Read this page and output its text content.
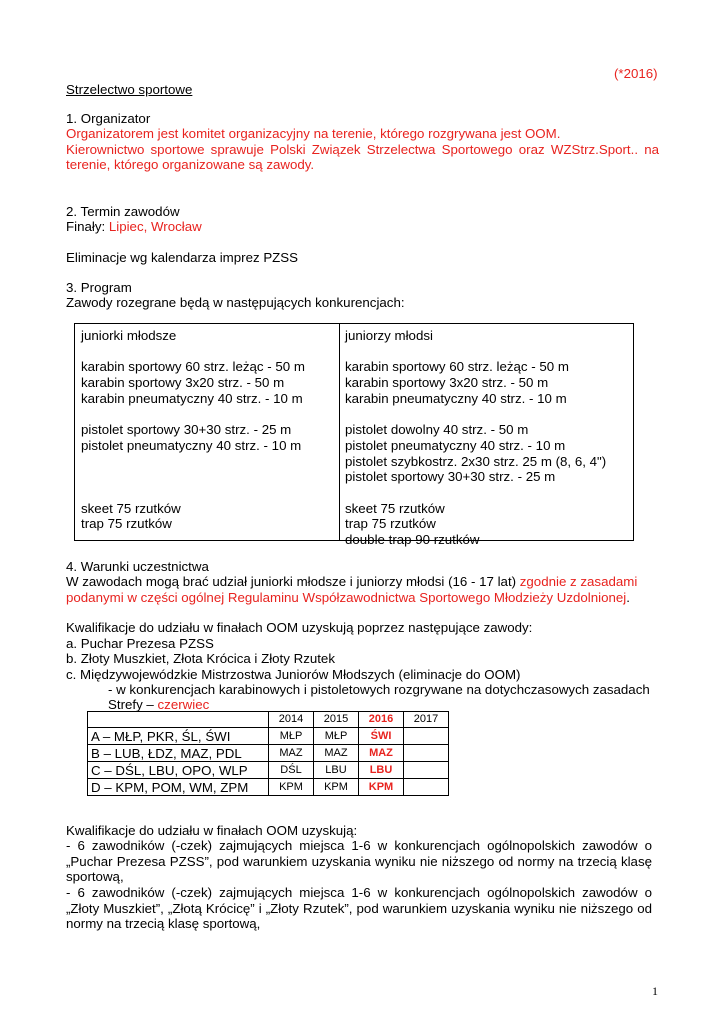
(*2016)
Strzelectwo sportowe
1. Organizator
Organizatorem jest komitet organizacyjny na terenie, którego rozgrywana jest OOM.
Kierownictwo sportowe sprawuje Polski Związek Strzelectwa Sportowego oraz WZStrz.Sport.. na
terenie, którego organizowane są zawody.
2. Termin zawodów
Finały: Lipiec, Wrocław
Eliminacje wg kalendarza imprez PZSS
3. Program
Zawody rozegrane będą w następujących konkurencjach:
juniorki młodsze
karabin sportowy 60 strz. leżąc - 50 m
karabin sportowy 3x20 strz. - 50 m
karabin pneumatyczny 40 strz. - 10 m
pistolet sportowy 30+30 strz. - 25 m
pistolet pneumatyczny 40 strz. - 10 m
skeet 75 rzutków
trap 75 rzutków
juniorzy młodsi
karabin sportowy 60 strz. leżąc - 50 m
karabin sportowy 3x20 strz. - 50 m
karabin pneumatyczny 40 strz. - 10 m
pistolet dowolny 40 strz. - 50 m
pistolet pneumatyczny 40 strz. - 10 m
pistolet szybkostrz. 2x30 strz. 25 m (8, 6, 4")
pistolet sportowy 30+30 strz. - 25 m
skeet 75 rzutków
trap 75 rzutków
double trap 90 rzutków
4. Warunki uczestnictwa
W zawodach mogą brać udział juniorki młodsze i juniorzy młodsi (16 - 17 lat) zgodnie z zasadami
podanymi w części ogólnej Regulaminu Współzawodnictwa Sportowego Młodzieży Uzdolnionej.
Kwalifikacje do udziału w finałach OOM uzyskują poprzez następujące zawody:
a. Puchar Prezesa PZSS
b. Złoty Muszkiet, Złota Krócica i Złoty Rzutek
c. Międzywojewódzkie Mistrzostwa Juniorów Młodszych (eliminacje do OOM)
- w konkurencjach karabinowych i pistoletowych rozgrywane na dotychczasowych zasadach
Strefy – czerwiec
	2014	2015	2016	2017
A – MŁP, PKR, ŚL, ŚWI	MŁP	MŁP	ŚWI	
B – LUB, ŁDZ, MAZ, PDL	MAZ	MAZ	MAZ	
C – DŚL, LBU, OPO, WLP	DŚL	LBU	LBU	
D – KPM, POM, WM, ZPM	KPM	KPM	KPM	
Kwalifikacje do udziału w finałach OOM uzyskują:
- 6 zawodników (-czek) zajmujących miejsca 1-6 w konkurencjach ogólnopolskich zawodów o „Puchar Prezesa PZSS”, pod warunkiem uzyskania wyniku nie niższego od normy na trzecią klasę sportową,
- 6 zawodników (-czek) zajmujących miejsca 1-6 w konkurencjach ogólnopolskich zawodów o „Złoty Muszkiet”, „Złotą Krócicę” i „Złoty Rzutek”, pod warunkiem uzyskania wyniku nie niższego od normy na trzecią klasę sportową,
1
